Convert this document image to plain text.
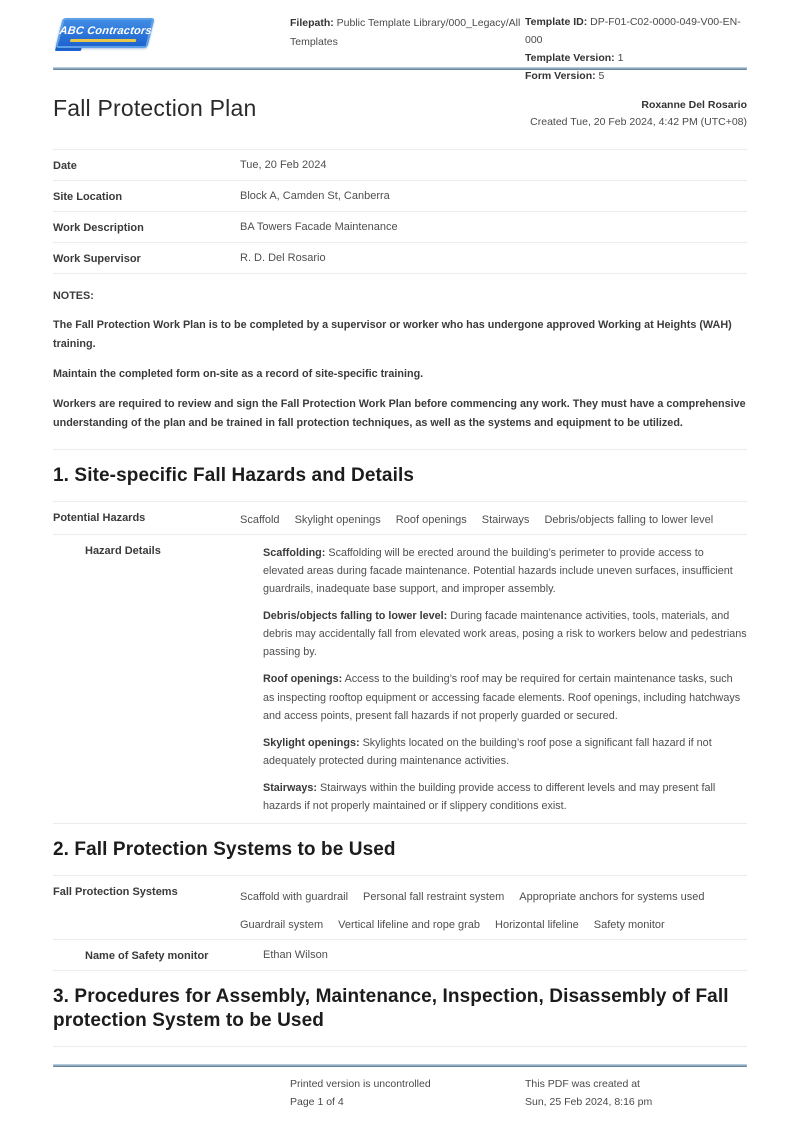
ABC Contractors
Filepath: Public Template Library/000_Legacy/All Templates
Template ID: DP-F01-C02-0000-049-V00-EN-000
Template Version: 1
Form Version: 5
Fall Protection Plan	Roxanne Del Rosario
Created Tue, 20 Feb 2024, 4:42 PM (UTC+08)
Date	Tue, 20 Feb 2024
Site Location	Block A, Camden St, Canberra
Work Description	BA Towers Facade Maintenance
Work Supervisor	R. D. Del Rosario

NOTES:

The Fall Protection Work Plan is to be completed by a supervisor or worker who has undergone approved Working at Heights (WAH) training.

Maintain the completed form on-site as a record of site-specific training.

Workers are required to review and sign the Fall Protection Work Plan before commencing any work. They must have a comprehensive understanding of the plan and be trained in fall protection techniques, as well as the systems and equipment to be utilized.

1. Site-specific Fall Hazards and Details
Potential Hazards	Scaffold Skylight openings Roof openings Stairways Debris/objects falling to lower level
Hazard Details	Scaffolding: Scaffolding will be erected around the building’s perimeter to provide access to elevated areas during facade maintenance. Potential hazards include uneven surfaces, insufficient guardrails, inadequate base support, and improper assembly.

Debris/objects falling to lower level: During facade maintenance activities, tools, materials, and debris may accidentally fall from elevated work areas, posing a risk to workers below and pedestrians passing by.

Roof openings: Access to the building’s roof may be required for certain maintenance tasks, such as inspecting rooftop equipment or accessing facade elements. Roof openings, including hatchways and access points, present fall hazards if not properly guarded or secured.

Skylight openings: Skylights located on the building’s roof pose a significant fall hazard if not adequately protected during maintenance activities.

Stairways: Stairways within the building provide access to different levels and may present fall hazards if not properly maintained or if slippery conditions exist.

2. Fall Protection Systems to be Used
Fall Protection Systems	Scaffold with guardrail Personal fall restraint system Appropriate anchors for systems used
Guardrail system Vertical lifeline and rope grab Horizontal lifeline Safety monitor
Name of Safety monitor	Ethan Wilson
3. Procedures for Assembly, Maintenance, Inspection, Disassembly of Fall protection System to be Used
Printed version is uncontrolled
Page 1 of 4
This PDF was created at
Sun, 25 Feb 2024, 8:16 pm
